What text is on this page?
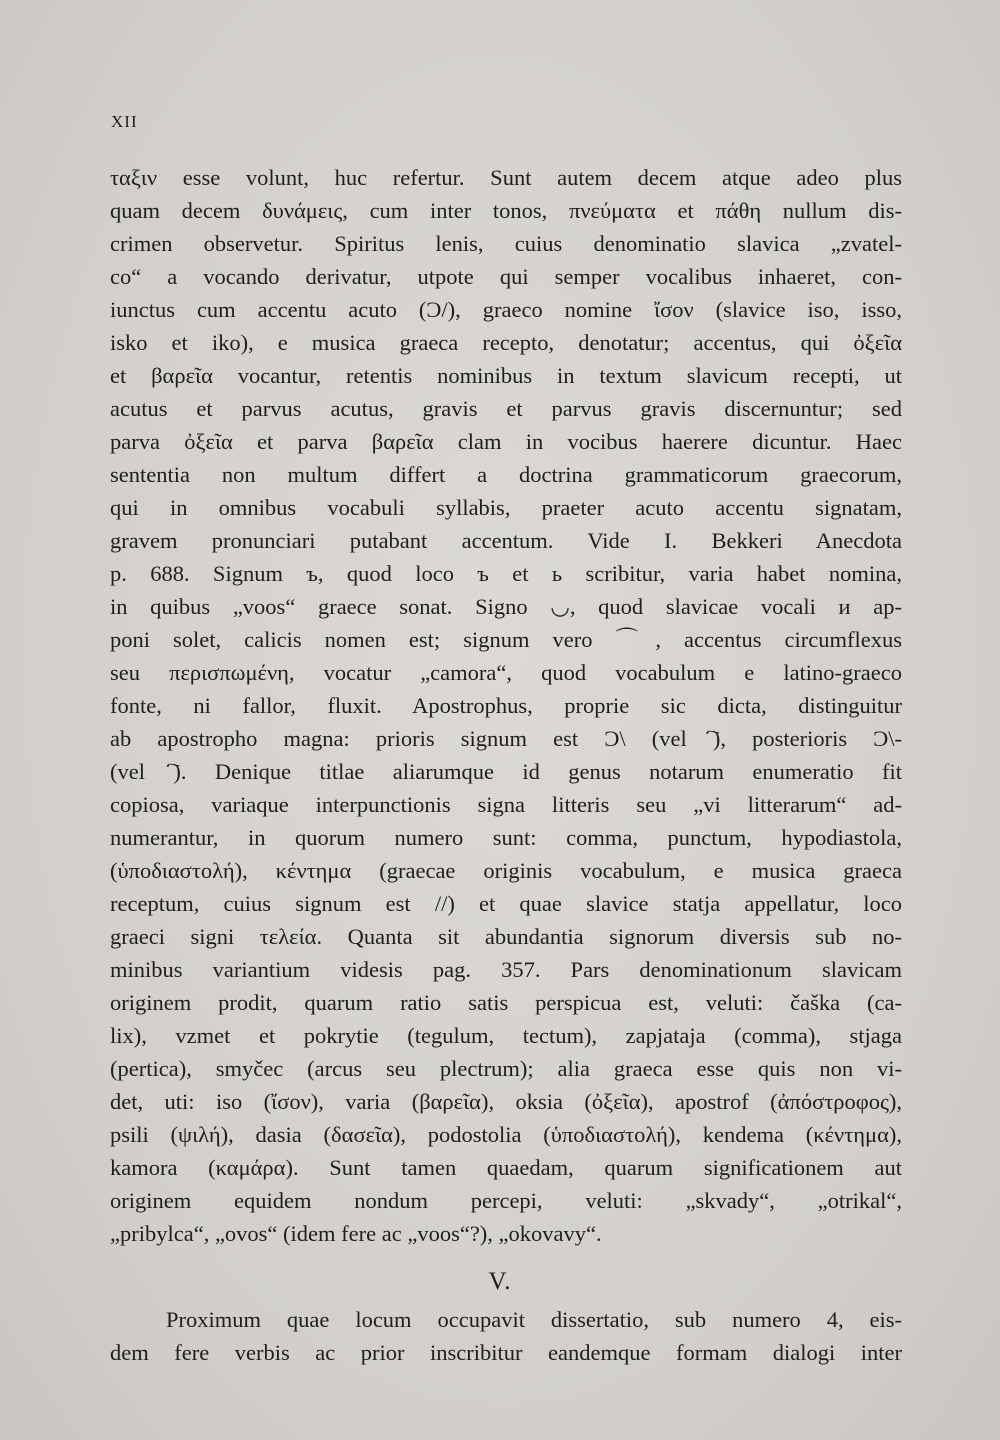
XII
ταξιν esse volunt, huc refertur. Sunt autem decem atque adeo plus
quam decem δυνάμεις, cum inter tonos, πνεύματα et πάθη nullum dis-
crimen observetur. Spiritus lenis, cuius denominatio slavica „zvatel-
co“ a vocando derivatur, utpote qui semper vocalibus inhaeret, con-
iunctus cum accentu acuto (Ͻ/), graeco nomine ἴσον (slavice iso, isso,
isko et iko), e musica graeca recepto, denotatur; accentus, qui ὀξεῖα
et βαρεῖα vocantur, retentis nominibus in textum slavicum recepti, ut
acutus et parvus acutus, gravis et parvus gravis discernuntur; sed
parva ὀξεῖα et parva βαρεῖα clam in vocibus haerere dicuntur. Haec
sententia non multum differt a doctrina grammaticorum graecorum,
qui in omnibus vocabuli syllabis, praeter acuto accentu signatam,
gravem pronunciari putabant accentum. Vide I. Bekkeri Anecdota
p. 688. Signum ъ, quod loco ъ et ь scribitur, varia habet nomina,
in quibus „voos“ graece sonat. Signo ◡, quod slavicae vocali и ap-
poni solet, calicis nomen est; signum vero ⌒, accentus circumflexus
seu περισπωμένη, vocatur „camora“, quod vocabulum e latino-graeco
fonte, ni fallor, fluxit. Apostrophus, proprie sic dicta, distinguitur
ab apostropho magna: prioris signum est Ͻ\ (vel ҇), posterioris Ͻ\-
(vel ҇). Denique titlae aliarumque id genus notarum enumeratio fit
copiosa, variaque interpunctionis signa litteris seu „vi litterarum“ ad-
numerantur, in quorum numero sunt: comma, punctum, hypodiastola,
(ὑποδιαστολή), κέντημα (graecae originis vocabulum, e musica graeca
receptum, cuius signum est //) et quae slavice statja appellatur, loco
graeci signi τελεία. Quanta sit abundantia signorum diversis sub no-
minibus variantium videsis pag. 357. Pars denominationum slavicam
originem prodit, quarum ratio satis perspicua est, veluti: čaška (ca-
lix), vzmet et pokrytie (tegulum, tectum), zapjataja (comma), stjaga
(pertica), smyčec (arcus seu plectrum); alia graeca esse quis non vi-
det, uti: iso (ἴσον), varia (βαρεῖα), oksia (ὀξεῖα), apostrof (ἀπόστροφος),
psili (ψιλή), dasia (δασεῖα), podostolia (ὑποδιαστολή), kendema (κέντημα),
kamora (καμάρα). Sunt tamen quaedam, quarum significationem aut
originem equidem nondum percepi, veluti: „skvady“, „otrikal“,
„pribylca“, „ovos“ (idem fere ac „voos“?), „okovavy“.
V.
Proximum quae locum occupavit dissertatio, sub numero 4, eis-
dem fere verbis ac prior inscribitur eandemque formam dialogi inter
